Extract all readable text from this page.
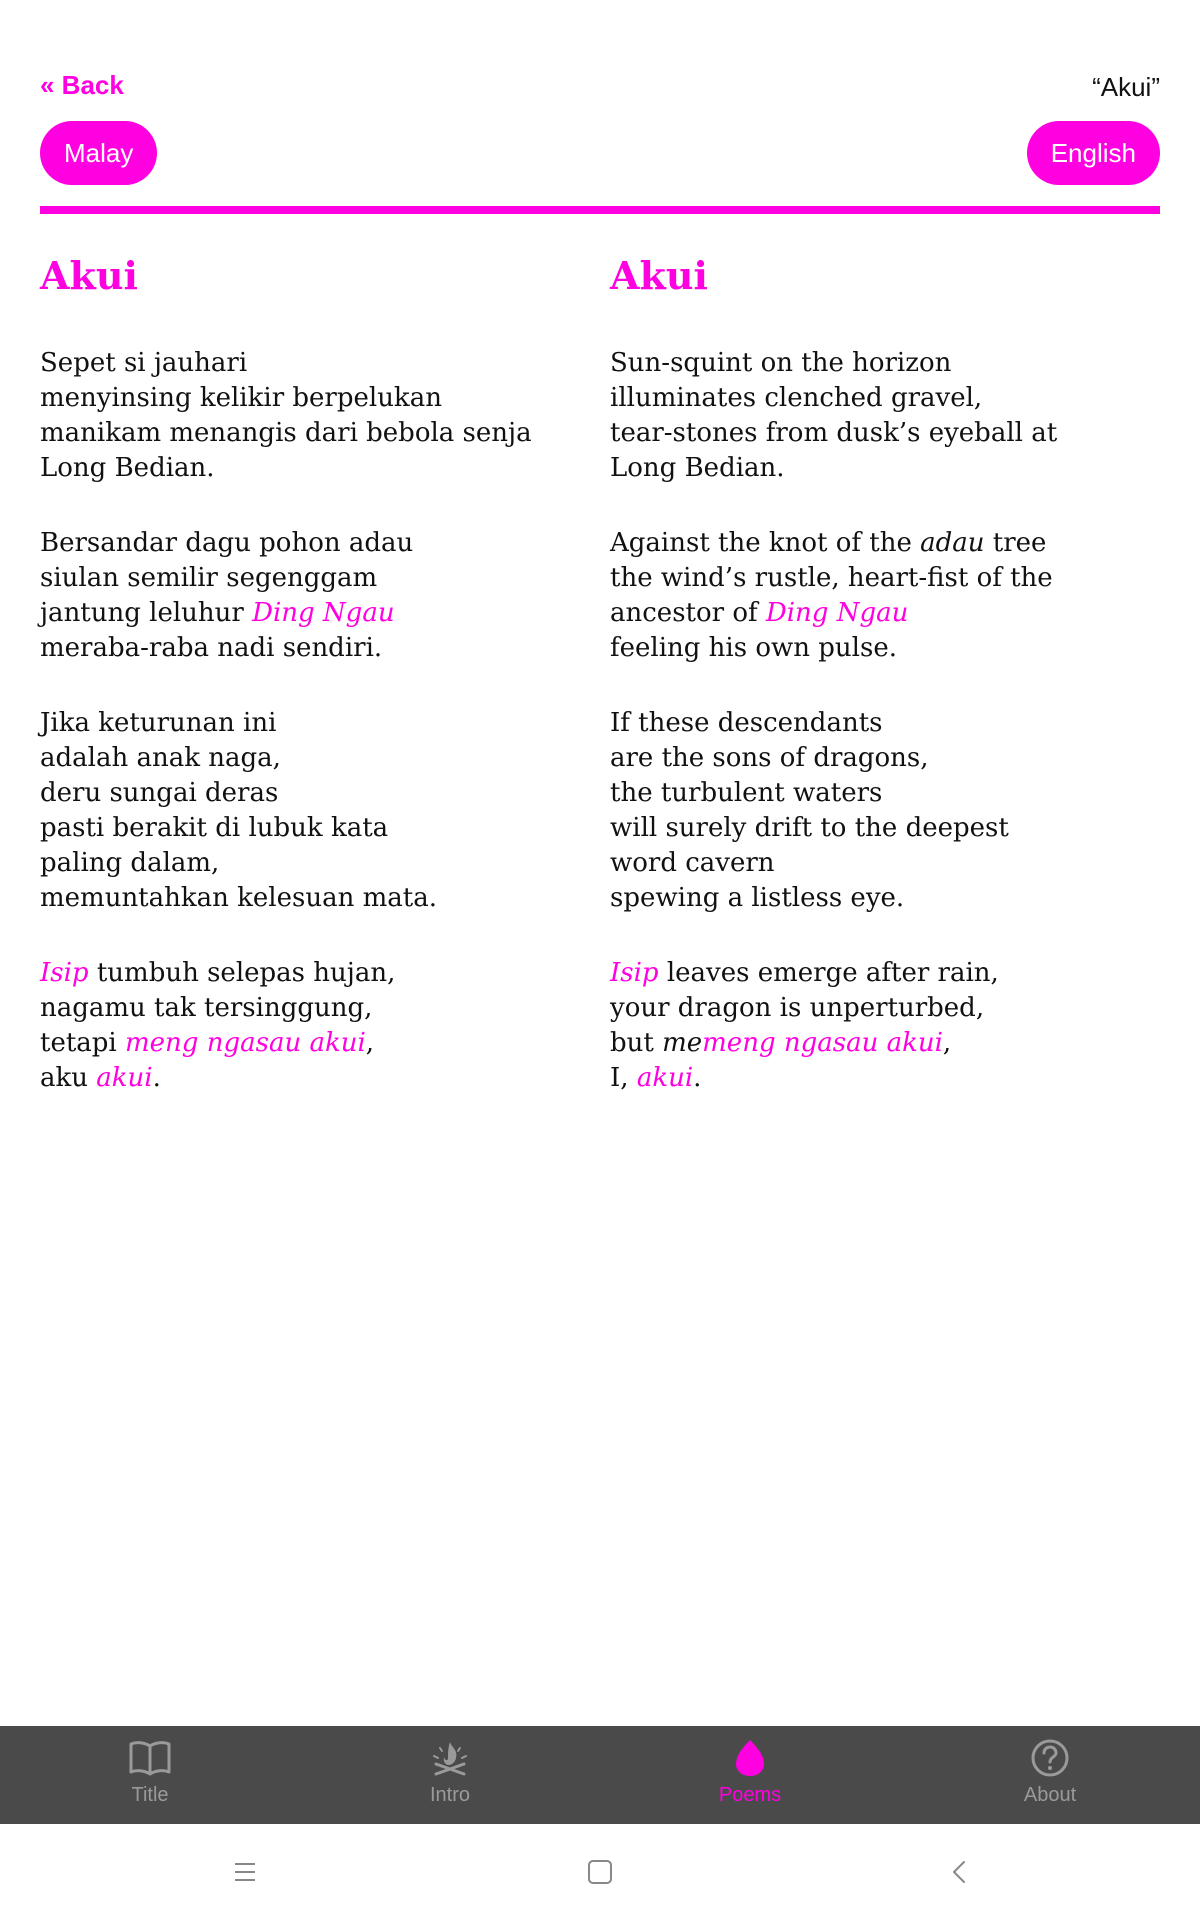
« Back	“Akui”
Malay	English
Akui
Sepet si jauhari
menyinsing kelikir berpelukan
manikam menangis dari bebola senja
Long Bedian.
Bersandar dagu pohon adau
siulan semilir segenggam
jantung leluhur Ding Ngau
meraba-raba nadi sendiri.
Jika keturunan ini
adalah anak naga,
deru sungai deras
pasti berakit di lubuk kata
paling dalam,
memuntahkan kelesuan mata.
Isip tumbuh selepas hujan,
nagamu tak tersinggung,
tetapi meng ngasau akui,
aku akui.
Akui
Sun-squint on the horizon
illuminates clenched gravel,
tear-stones from dusk’s eyeball at
Long Bedian.
Against the knot of the adau tree
the wind’s rustle, heart-fist of the
ancestor of Ding Ngau
feeling his own pulse.
If these descendants
are the sons of dragons,
the turbulent waters
will surely drift to the deepest
word cavern
spewing a listless eye.
Isip leaves emerge after rain,
your dragon is unperturbed,
but memeng ngasau akui,
I, akui.
Title	Intro	Poems	About
